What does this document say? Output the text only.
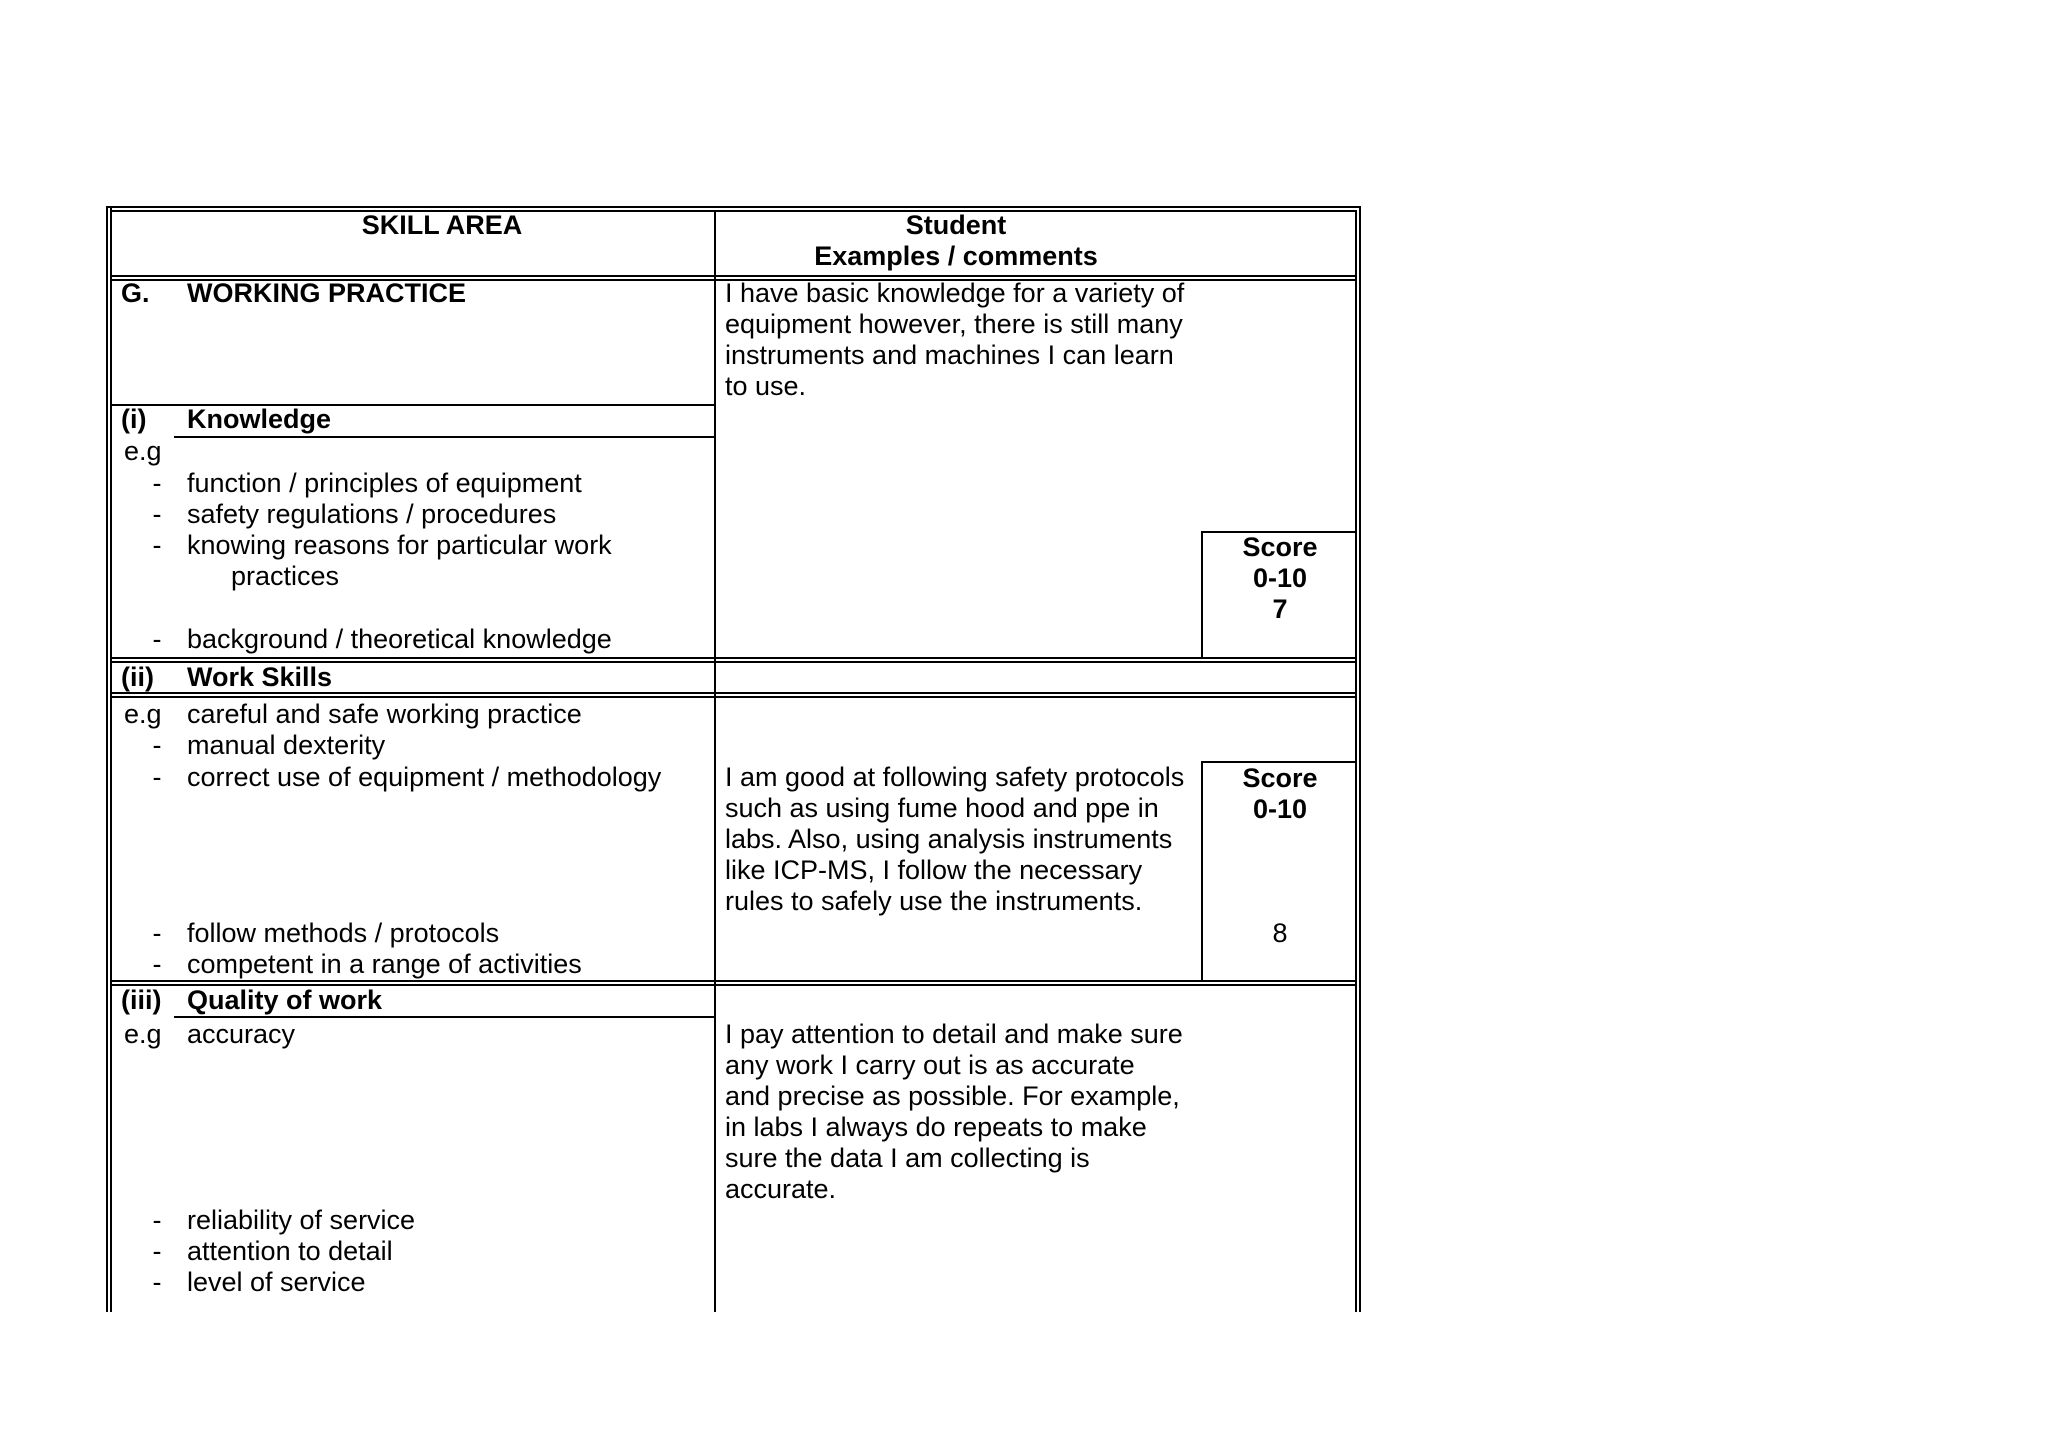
SKILL AREA	Student
Examples / comments
G. WORKING PRACTICE	I have basic knowledge for a variety of
equipment however, there is still many
instruments and machines I can learn
to use.
(i) Knowledge
e.g
- function / principles of equipment
- safety regulations / procedures
- knowing reasons for particular work
practices
- background / theoretical knowledge
Score
0-10
7
(ii) Work Skills
e.g careful and safe working practice
- manual dexterity
- correct use of equipment / methodology
- follow methods / protocols
- competent in a range of activities
I am good at following safety protocols
such as using fume hood and ppe in
labs. Also, using analysis instruments
like ICP-MS, I follow the necessary
rules to safely use the instruments.
Score
0-10
8
(iii) Quality of work
e.g accuracy
- reliability of service
- attention to detail
- level of service
I pay attention to detail and make sure
any work I carry out is as accurate
and precise as possible. For example,
in labs I always do repeats to make
sure the data I am collecting is
accurate.
